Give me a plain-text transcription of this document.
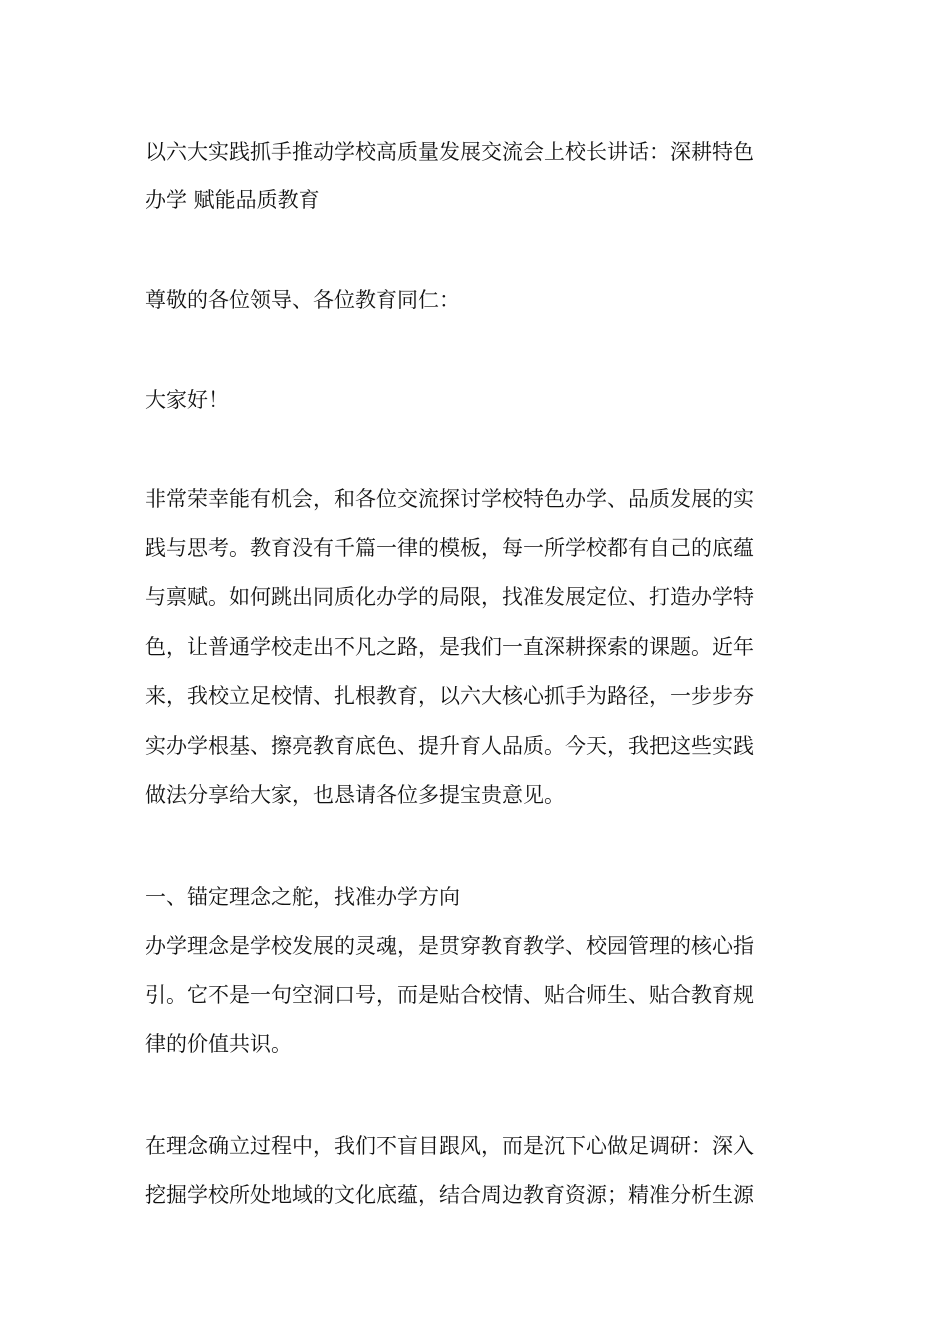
以六大实践抓手推动学校高质量发展交流会上校长讲话：深耕特色
办学 赋能品质教育
尊敬的各位领导、各位教育同仁：
大家好！
非常荣幸能有机会，和各位交流探讨学校特色办学、品质发展的实
践与思考。教育没有千篇一律的模板，每一所学校都有自己的底蕴
与禀赋。如何跳出同质化办学的局限，找准发展定位、打造办学特
色，让普通学校走出不凡之路，是我们一直深耕探索的课题。近年
来，我校立足校情、扎根教育，以六大核心抓手为路径，一步步夯
实办学根基、擦亮教育底色、提升育人品质。今天，我把这些实践
做法分享给大家，也恳请各位多提宝贵意见。
一、锚定理念之舵，找准办学方向
办学理念是学校发展的灵魂，是贯穿教育教学、校园管理的核心指
引。它不是一句空洞口号，而是贴合校情、贴合师生、贴合教育规
律的价值共识。
在理念确立过程中，我们不盲目跟风，而是沉下心做足调研：深入
挖掘学校所处地域的文化底蕴，结合周边教育资源；精准分析生源
